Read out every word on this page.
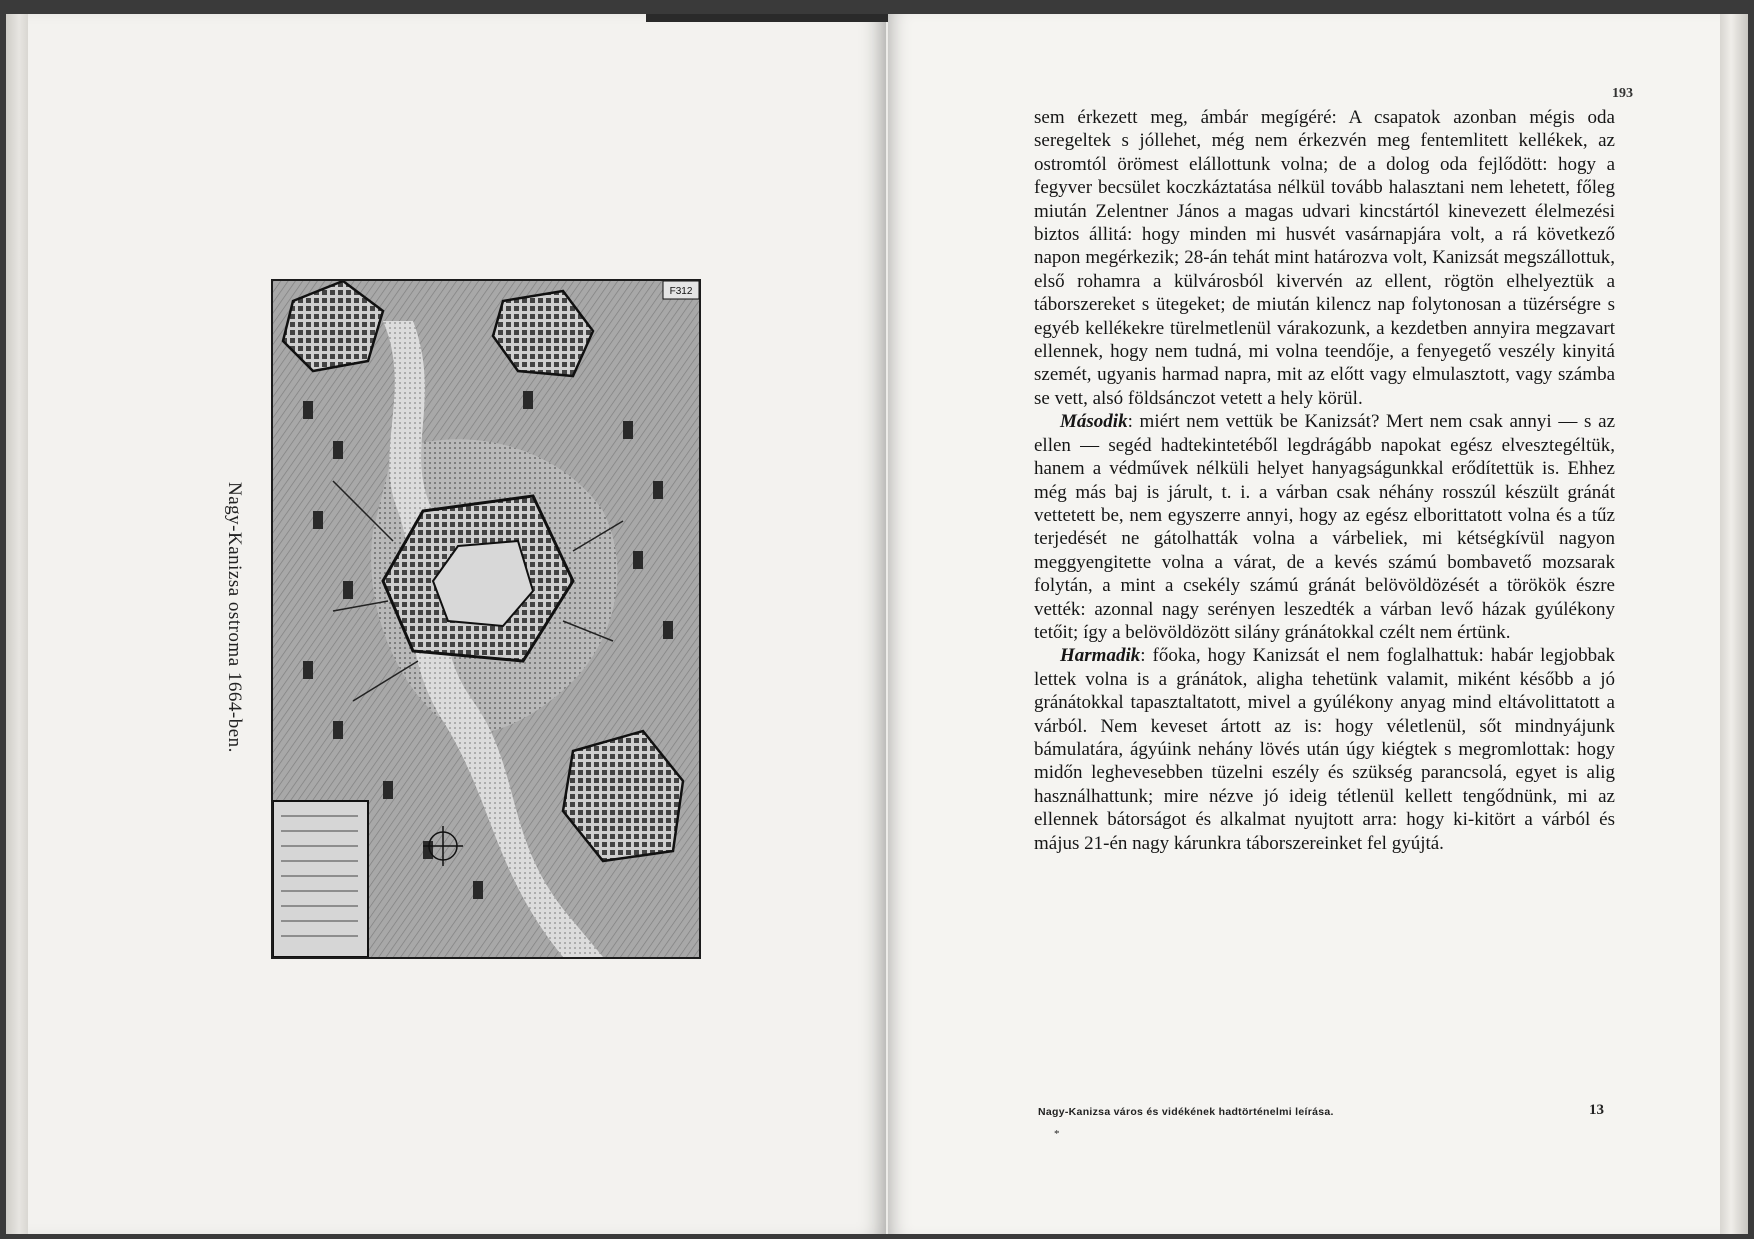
Nagy-Kanizsa ostroma 1664-ben.
F312
193

sem érkezett meg, ámbár megígéré: A csapatok azonban mégis oda seregeltek s jóllehet, még nem érkezvén meg fentemlitett kellékek, az ostromtól örömest elállottunk volna; de a dolog oda fejlődött: hogy a fegyver becsület koczkáztatása nélkül tovább halasztani nem lehetett, főleg miután Zelentner János a magas udvari kincstártól kinevezett élelmezési biztos állitá: hogy minden mi husvét vasárnapjára volt, a rá következő napon megérkezik; 28-án tehát mint határozva volt, Kanizsát megszállottuk, első rohamra a külvárosból kivervén az ellent, rögtön elhelyeztük a táborszereket s ütegeket; de miután kilencz nap folytonosan a tüzérségre s egyéb kellékekre türelmetlenül várakozunk, a kezdetben annyira megzavart ellennek, hogy nem tudná, mi volna teendője, a fenyegető veszély kinyitá szemét, ugyanis harmad napra, mit az előtt vagy elmulasztott, vagy számba se vett, alsó földsánczot vetett a hely körül.

Második: miért nem vettük be Kanizsát? Mert nem csak annyi — s az ellen — segéd hadtekintetéből legdrágább napokat egész elvesztegéltük, hanem a védművek nélküli helyet hanyagságunkkal erődítettük is. Ehhez még más baj is járult, t. i. a várban csak néhány rosszúl készült gránát vettetett be, nem egyszerre annyi, hogy az egész elborittatott volna és a tűz terjedését ne gátolhatták volna a várbeliek, mi kétségkívül nagyon meggyengitette volna a várat, de a kevés számú bombavető mozsarak folytán, a mint a csekély számú gránát belövöldözését a törökök észre vették: azonnal nagy serényen leszedték a várban levő házak gyúlékony tetőit; így a belövöldözött silány gránátokkal czélt nem értünk.

Harmadik: főoka, hogy Kanizsát el nem foglalhattuk: habár legjobbak lettek volna is a gránátok, aligha tehetünk valamit, miként később a jó gránátokkal tapasztaltatott, mivel a gyúlékony anyag mind eltávolittatott a várból. Nem keveset ártott az is: hogy véletlenül, sőt mindnyájunk bámulatára, ágyúink nehány lövés után úgy kiégtek s megromlottak: hogy midőn leghevesebben tüzelni eszély és szükség parancsolá, egyet is alig használhattunk; mire nézve jó ideig tétlenül kellett tengődnünk, mi az ellennek bátorságot és alkalmat nyujtott arra: hogy ki-kitört a várból és május 21-én nagy kárunkra táborszereinket fel gyújtá.

Nagy-Kanizsa város és vidékének hadtörténelmi leírása.	13
*
